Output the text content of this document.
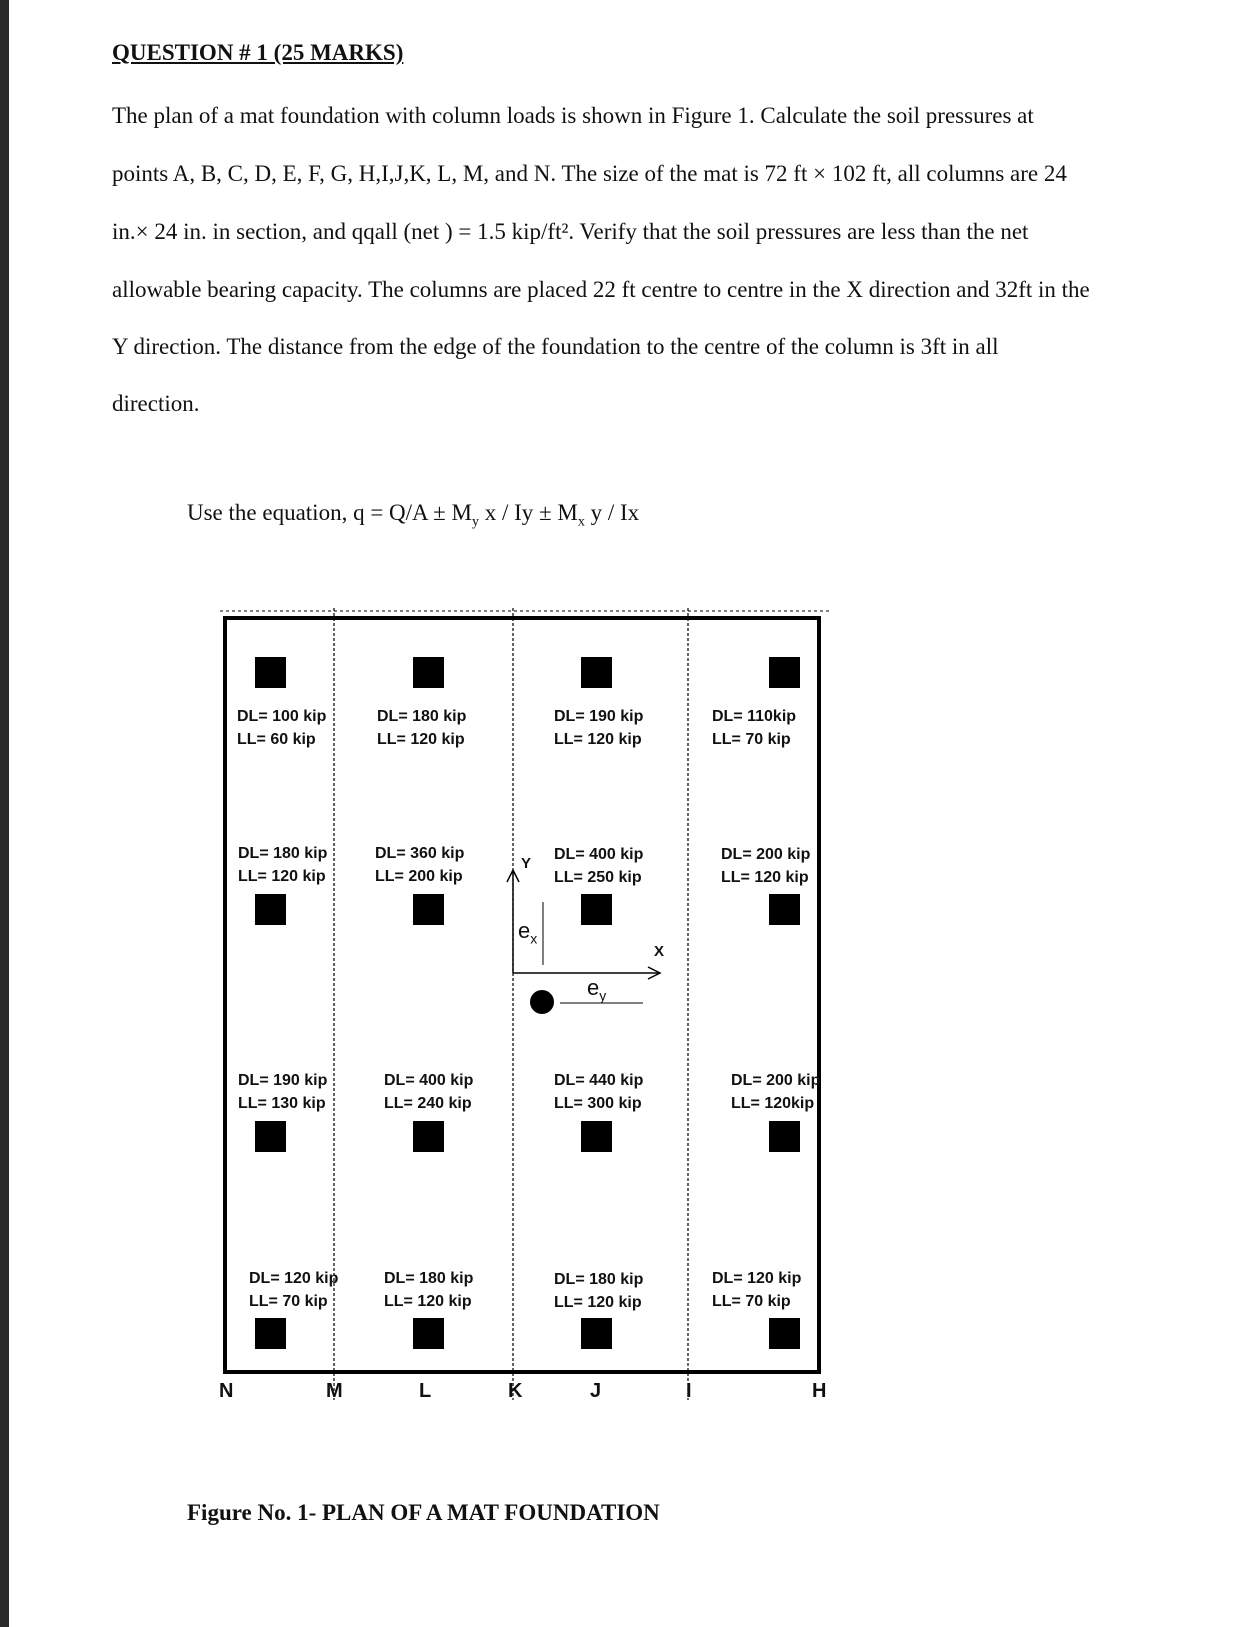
QUESTION # 1 (25 MARKS)
The plan of a mat foundation with column loads is shown in Figure 1. Calculate the soil pressures at
points A, B, C, D, E, F, G, H,I,J,K, L, M, and N. The size of the mat is 72 ft × 102 ft, all columns are 24
in.× 24 in. in section, and qqall (net ) = 1.5 kip/ft². Verify that the soil pressures are less than the net
allowable bearing capacity. The columns are placed 22 ft centre to centre in the X direction and 32ft in the
Y direction. The distance from the edge of the foundation to the centre of the column is 3ft in all
direction.
Use the equation, $q = Q/A \pm M_y$ $x / Iy \pm M_x$ y / Ix
Y
X
$e_x$
$e_y$
DL= 100 kip
LL= 60 kip
DL= 180 kip
LL= 120 kip
DL= 190 kip
LL= 120 kip
DL= 110kip
LL= 70 kip
DL= 180 kip
LL= 120 kip
DL= 360 kip
LL= 200 kip
DL= 400 kip
LL= 250 kip
DL= 200 kip
LL= 120 kip
DL= 190 kip
LL= 130 kip
DL= 400 kip
LL= 240 kip
DL= 440 kip
LL= 300 kip
DL= 200 kip
LL= 120kip
DL= 120 kip
LL= 70 kip
DL= 180 kip
LL= 120 kip
DL= 180 kip
LL= 120 kip
DL= 120 kip
LL= 70 kip
N	M	L	K	J	I	H
Figure No. 1- PLAN OF A MAT FOUNDATION
